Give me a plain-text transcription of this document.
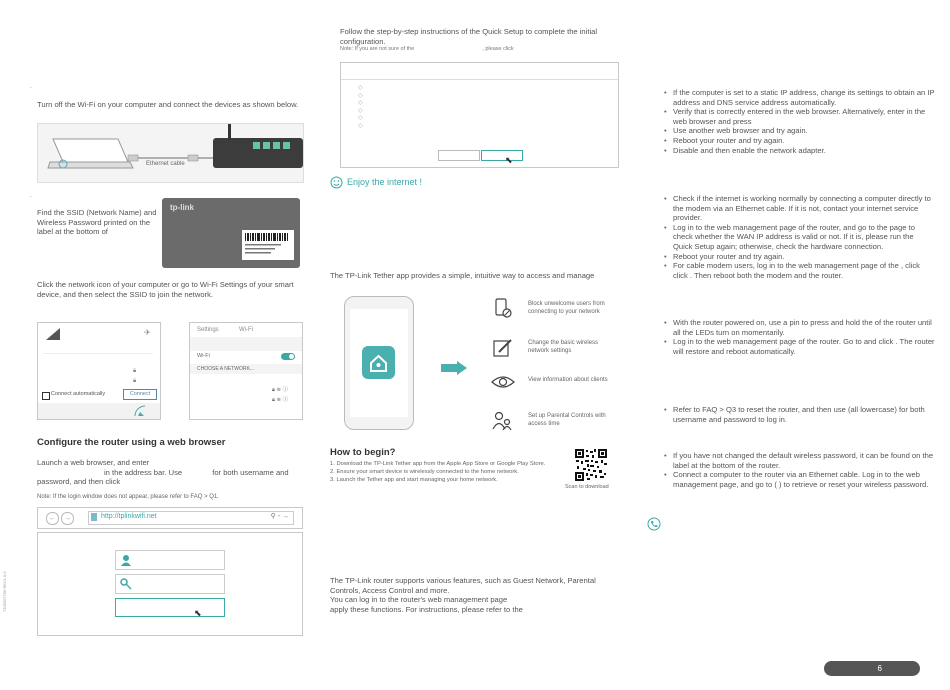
·
Turn off the Wi-Fi on your computer and connect the devices as shown below.
Ethernet cable
·
Find the SSID (Network Name) and Wireless Password printed on the label at the bottom of
tp-link
Click the network icon of your computer or go to Wi-Fi Settings of your smart device, and then select the SSID to join the network.
✈
🔒︎
🔒︎
Connect automatically	Connect
Settings	Wi-Fi
Wi-Fi
CHOOSE A NETWORK...
🔒︎ ≋ ⓘ
🔒︎ ≋ ⓘ
Configure the router using a web browser
Launch a web browser, and enter
in the address bar. Use	for both username and password, and then click
Note: If the login window does not appear, please refer to FAQ > Q1.
←	→	http://tplinkwifi.net	⚲ - →
⬉
7106507706 REV1.0.0
Follow the step-by-step instructions of the Quick Setup to complete the initial configuration.
Note: If you are not sure of the	, please click
◇
◇
◇
◇
◇
◇
⬉
Enjoy the internet !
The TP-Link Tether app provides a simple, intuitive way to access and manage
Block unwelcome users from connecting to your network
Change the basic wireless network settings
View information about clients
Set up Parental Controls with access time
How to begin?
1. Download the TP-Link Tether app from the Apple App Store or Google Play Store.
2. Ensure your smart device is wirelessly connected to the home network.
3. Launch the Tether app and start managing your home network.
Scan to download
The TP-Link router supports various features, such as Guest Network, Parental Controls, Access Control and more.
You can log in to the router's web management page
apply these functions. For instructions, please refer to the
• If the computer is set to a static IP address, change its settings to obtain an IP address and DNS service address automatically.
• Verify that is correctly entered in the web browser. Alternatively, enter in the web browser and press
• Use another web browser and try again.
• Reboot your router and try again.
• Disable and then enable the network adapter.
• Check if the internet is working normally by connecting a computer directly to the modem via an Ethernet cable. If it is not, contact your internet service provider.
• Log in to the web management page of the router, and go to the page to check whether the WAN IP address is valid or not. If it is, please run the Quick Setup again; otherwise, check the hardware connection.
• Reboot your router and try again.
• For cable modem users, log in to the web management page of the , click click . Then reboot both the modem and the router.
• With the router powered on, use a pin to press and hold the of the router until all the LEDs turn on momentarily.
• Log in to the web management page of the router. Go to and click . The router will restore and reboot automatically.
• Refer to FAQ > Q3 to reset the router, and then use (all lowercase) for both username and password to log in.
• If you have not changed the default wireless password, it can be found on the label at the bottom of the router.
• Connect a computer to the router via an Ethernet cable. Log in to the web management page, and go to ( ) to retrieve or reset your wireless password.
6
